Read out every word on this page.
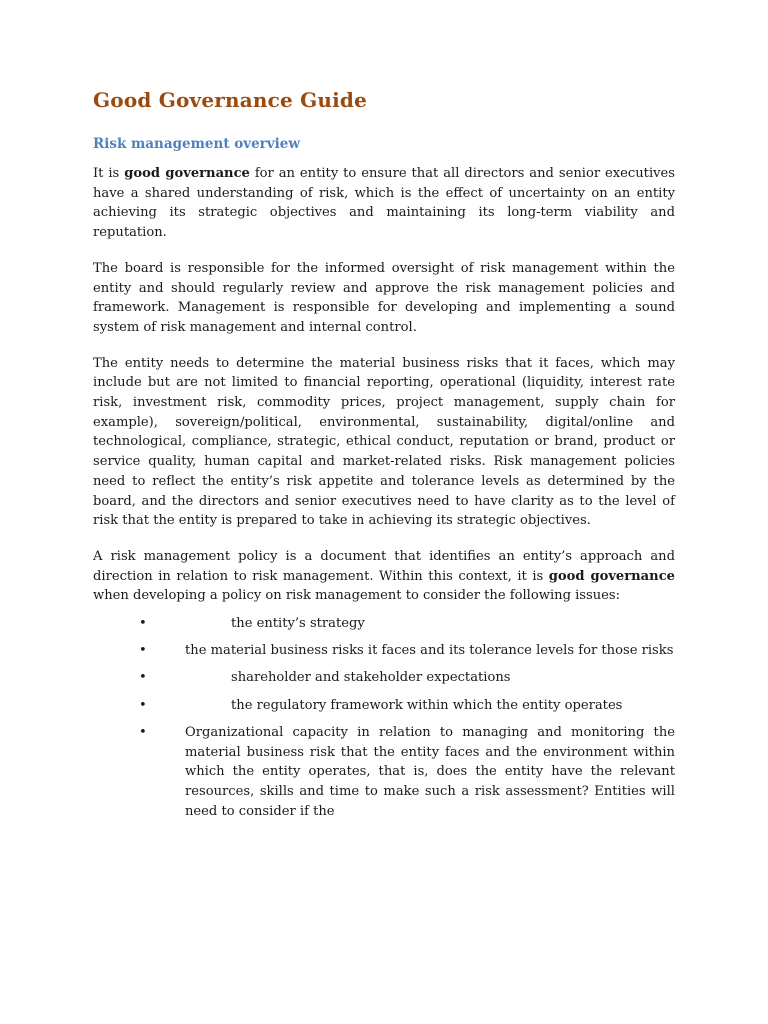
Good Governance Guide
Risk management overview

It is good governance for an entity to ensure that all directors and senior executives have a shared understanding of risk, which is the effect of uncertainty on an entity achieving its strategic objectives and maintaining its long-term viability and reputation.

The board is responsible for the informed oversight of risk management within the entity and should regularly review and approve the risk management policies and framework. Management is responsible for developing and implementing a sound system of risk management and internal control.

The entity needs to determine the material business risks that it faces, which may include but are not limited to financial reporting, operational (liquidity, interest rate risk, investment risk, commodity prices, project management, supply chain for example), sovereign/political, environmental, sustainability, digital/online and technological, compliance, strategic, ethical conduct, reputation or brand, product or service quality, human capital and market-related risks. Risk management policies need to reflect the entity’s risk appetite and tolerance levels as determined by the board, and the directors and senior executives need to have clarity as to the level of risk that the entity is prepared to take in achieving its strategic objectives.

A risk management policy is a document that identifies an entity’s approach and direction in relation to risk management. Within this context, it is good governance when developing a policy on risk management to consider the following issues:

•	the entity’s strategy
•	the material business risks it faces and its tolerance levels for those risks
•	shareholder and stakeholder expectations
•	the regulatory framework within which the entity operates
•	Organizational capacity in relation to managing and monitoring the material business risk that the entity faces and the environment within which the entity operates, that is, does the entity have the relevant resources, skills and time to make such a risk assessment? Entities will need to consider if the
